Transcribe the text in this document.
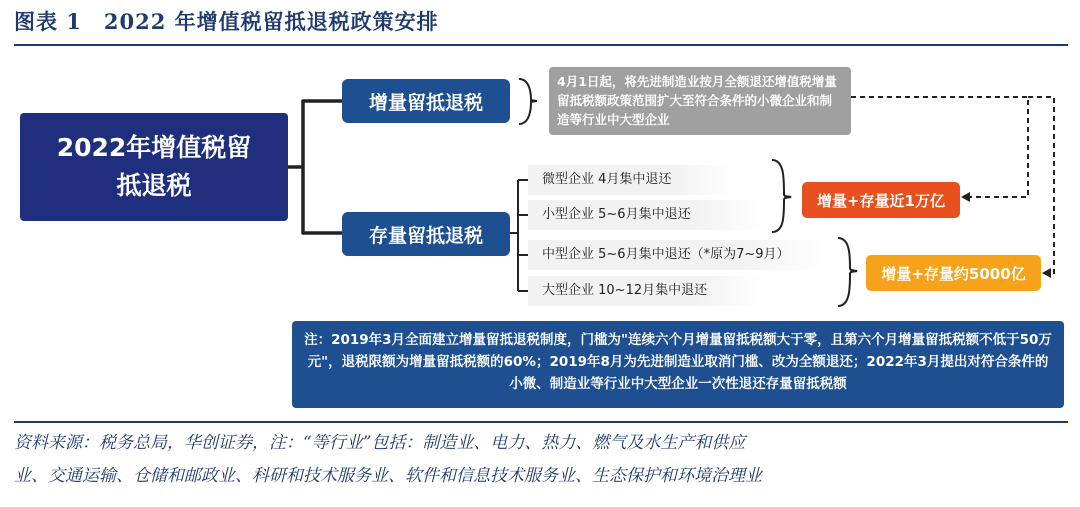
图表 1　2022 年增值税留抵退税政策安排
2022年增值税留抵退税
增量留抵退税
存量留抵退税
4月1日起，将先进制造业按月全额退还增值税增量留抵税额政策范围扩大至符合条件的小微企业和制造等行业中大型企业
微型企业 4月集中退还
小型企业 5~6月集中退还
中型企业 5~6月集中退还（*原为7~9月）
大型企业 10~12月集中退还
增量+存量近1万亿
增量+存量约5000亿
注：2019年3月全面建立增量留抵退税制度，门槛为"连续六个月增量留抵税额大于零，且第六个月增量留抵税额不低于50万元"，退税限额为增量留抵税额的60%；2019年8月为先进制造业取消门槛、改为全额退还；2022年3月提出对符合条件的小微、制造业等行业中大型企业一次性退还存量留抵税额
资料来源：税务总局，华创证券，注：“等行业”包括：制造业、电力、热力、燃气及水生产和供应
业、交通运输、仓储和邮政业、科研和技术服务业、软件和信息技术服务业、生态保护和环境治理业
